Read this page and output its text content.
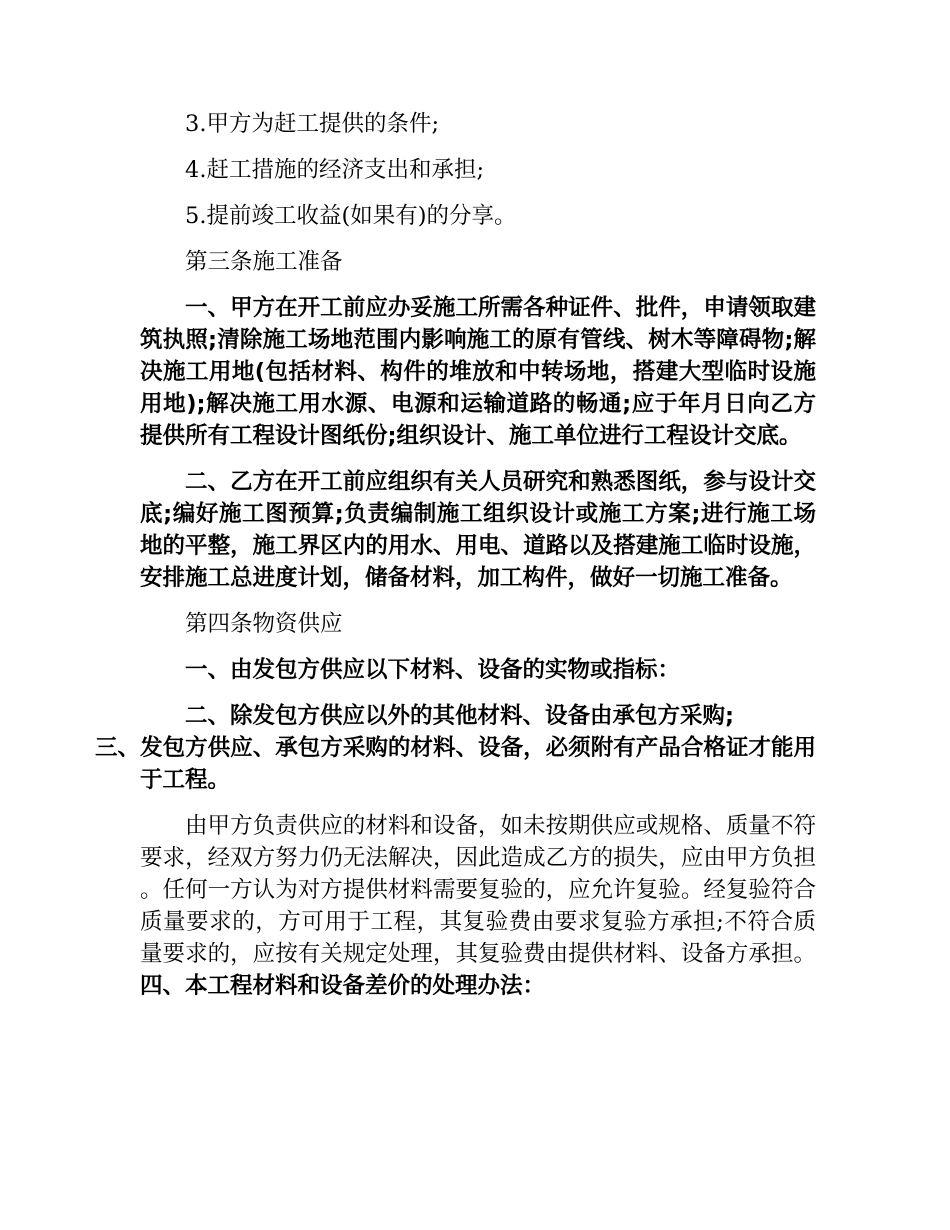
3.甲方为赶工提供的条件;

4.赶工措施的经济支出和承担;

5.提前竣工收益(如果有)的分享。

第三条施工准备

一、甲方在开工前应办妥施工所需各种证件、批件，申请领取建筑执照;清除施工场地范围内影响施工的原有管线、树木等障碍物;解决施工用地(包括材料、构件的堆放和中转场地，搭建大型临时设施用地);解决施工用水源、电源和运输道路的畅通;应于年月日向乙方提供所有工程设计图纸份;组织设计、施工单位进行工程设计交底。

二、乙方在开工前应组织有关人员研究和熟悉图纸，参与设计交底;编好施工图预算;负责编制施工组织设计或施工方案;进行施工场地的平整，施工界区内的用水、用电、道路以及搭建施工临时设施，安排施工总进度计划，储备材料，加工构件，做好一切施工准备。

第四条物资供应

一、由发包方供应以下材料、设备的实物或指标：

二、除发包方供应以外的其他材料、设备由承包方采购;
三、发包方供应、承包方采购的材料、设备，必须附有产品合格证才能用于工程。

由甲方负责供应的材料和设备，如未按期供应或规格、质量不符要求，经双方努力仍无法解决，因此造成乙方的损失，应由甲方负担。任何一方认为对方提供材料需要复验的，应允许复验。经复验符合质量要求的，方可用于工程，其复验费由要求复验方承担;不符合质量要求的，应按有关规定处理，其复验费由提供材料、设备方承担。四、本工程材料和设备差价的处理办法：
